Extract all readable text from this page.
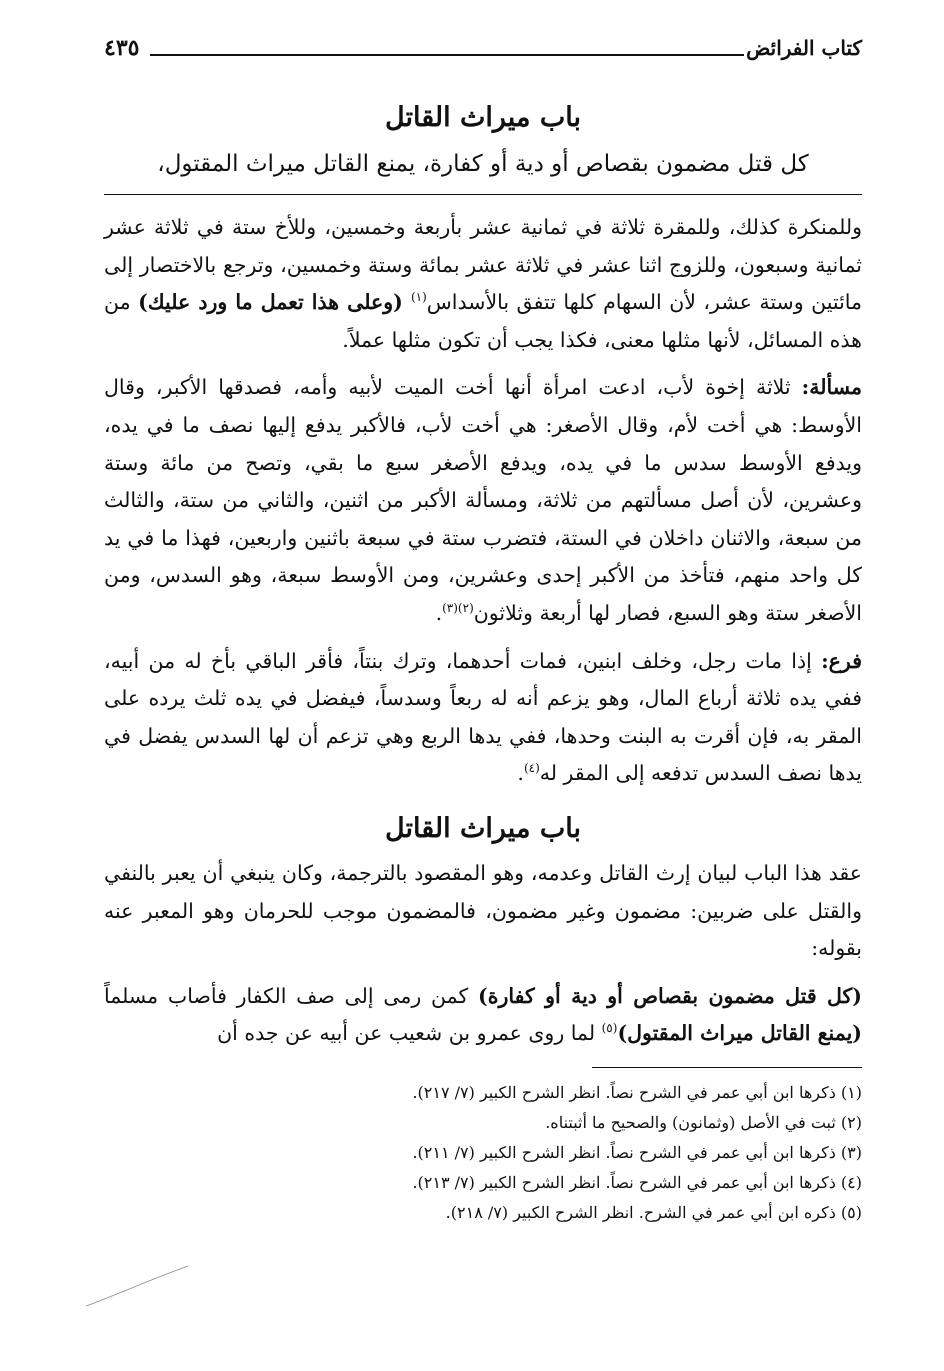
كتاب الفرائض
٤٣٥
باب ميراث القاتل
كل قتل مضمون بقصاص أو دية أو كفارة، يمنع القاتل ميراث المقتول،

وللمنكرة كذلك، وللمقرة ثلاثة في ثمانية عشر بأربعة وخمسين، وللأخ ستة في ثلاثة عشر ثمانية وسبعون، وللزوج اثنا عشر في ثلاثة عشر بمائة وستة وخمسين، وترجع بالاختصار إلى مائتين وستة عشر، لأن السهام كلها تتفق بالأسداس$^{(١)}$ (وعلى هذا تعمل ما ورد عليك) من هذه المسائل، لأنها مثلها معنى، فكذا يجب أن تكون مثلها عملاً.

مسألة: ثلاثة إخوة لأب، ادعت امرأة أنها أخت الميت لأبيه وأمه، فصدقها الأكبر، وقال الأوسط: هي أخت لأم، وقال الأصغر: هي أخت لأب، فالأكبر يدفع إليها نصف ما في يده، ويدفع الأوسط سدس ما في يده، ويدفع الأصغر سبع ما بقي، وتصح من مائة وستة وعشرين، لأن أصل مسألتهم من ثلاثة، ومسألة الأكبر من اثنين، والثاني من ستة، والثالث من سبعة، والاثنان داخلان في الستة، فتضرب ستة في سبعة باثنين واربعين، فهذا ما في يد كل واحد منهم، فتأخذ من الأكبر إحدى وعشرين، ومن الأوسط سبعة، وهو السدس، ومن الأصغر ستة وهو السبع، فصار لها أربعة وثلاثون$^{(٢)(٣)}$.

فرع: إذا مات رجل، وخلف ابنين، فمات أحدهما، وترك بنتاً، فأقر الباقي بأخ له من أبيه، ففي يده ثلاثة أرباع المال، وهو يزعم أنه له ربعاً وسدساً، فيفضل في يده ثلث يرده على المقر به، فإن أقرت به البنت وحدها، ففي يدها الربع وهي تزعم أن لها السدس يفضل في يدها نصف السدس تدفعه إلى المقر له$^{(٤)}$.

باب ميراث القاتل

عقد هذا الباب لبيان إرث القاتل وعدمه، وهو المقصود بالترجمة، وكان ينبغي أن يعبر بالنفي والقتل على ضربين: مضمون وغير مضمون، فالمضمون موجب للحرمان وهو المعبر عنه بقوله:

(كل قتل مضمون بقصاص أو دية أو كفارة) كمن رمى إلى صف الكفار فأصاب مسلماً (يمنع القاتل ميراث المقتول)$^{(٥)}$ لما روى عمرو بن شعيب عن أبيه عن جده أن

(١) ذكرها ابن أبي عمر في الشرح نصاً. انظر الشرح الكبير (٧/ ٢١٧).
(٢) ثبت في الأصل (وثمانون) والصحيح ما أثبتناه.
(٣) ذكرها ابن أبي عمر في الشرح نصاً. انظر الشرح الكبير (٧/ ٢١١).
(٤) ذكرها ابن أبي عمر في الشرح نصاً. انظر الشرح الكبير (٧/ ٢١٣).
(٥) ذكره ابن أبي عمر في الشرح. انظر الشرح الكبير (٧/ ٢١٨).
